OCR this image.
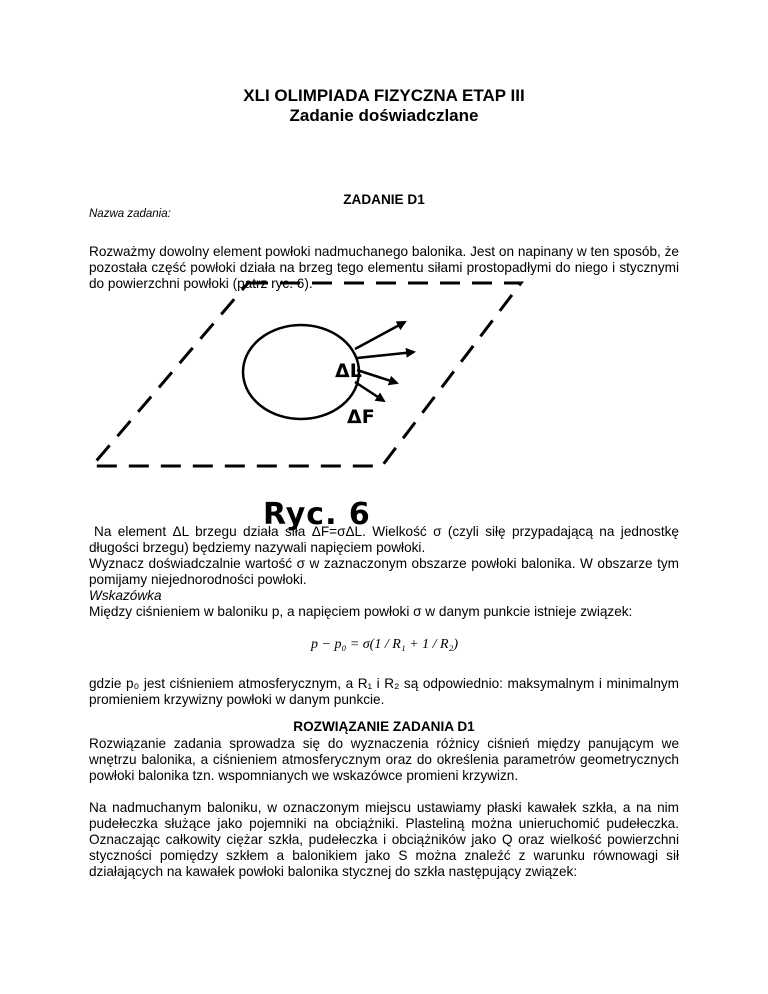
XLI OLIMPIADA FIZYCZNA ETAP III
Zadanie doświadczlane
ZADANIE D1
Nazwa zadania:
Rozważmy dowolny element powłoki nadmuchanego balonika. Jest on napinany w ten sposób, że pozostała część powłoki działa na brzeg tego elementu siłami prostopadłymi do niego i stycznymi do powierzchni powłoki (patrz ryc. 6).
ΔL
ΔF
Ryc. 6
Na element ΔL brzegu działa siła ΔF=σΔL. Wielkość σ (czyli siłę przypadającą na jednostkę długości brzegu) będziemy nazywali napięciem powłoki.
Wyznacz doświadczalnie wartość σ w zaznaczonym obszarze powłoki balonika. W obszarze tym pomijamy niejednorodności powłoki.
Wskazówka
Między ciśnieniem w baloniku p, a napięciem powłoki σ w danym punkcie istnieje związek:
p − p₀ = σ(1 / R₁ + 1 / R₂)
gdzie p₀ jest ciśnieniem atmosferycznym, a R₁ i R₂ są odpowiednio: maksymalnym i minimalnym promieniem krzywizny powłoki w danym punkcie.
ROZWIĄZANIE ZADANIA D1
Rozwiązanie zadania sprowadza się do wyznaczenia różnicy ciśnień między panującym we wnętrzu balonika, a ciśnieniem atmosferycznym oraz do określenia parametrów geometrycznych powłoki balonika tzn. wspomnianych we wskazówce promieni krzywizn.
Na nadmuchanym baloniku, w oznaczonym miejscu ustawiamy płaski kawałek szkła, a na nim pudełeczka służące jako pojemniki na obciążniki. Plasteliną można unieruchomić pudełeczka. Oznaczając całkowity ciężar szkła, pudełeczka i obciążników jako Q oraz wielkość powierzchni styczności pomiędzy szkłem a balonikiem jako S można znaleźć z warunku równowagi sił działających na kawałek powłoki balonika stycznej do szkła następujący związek:
